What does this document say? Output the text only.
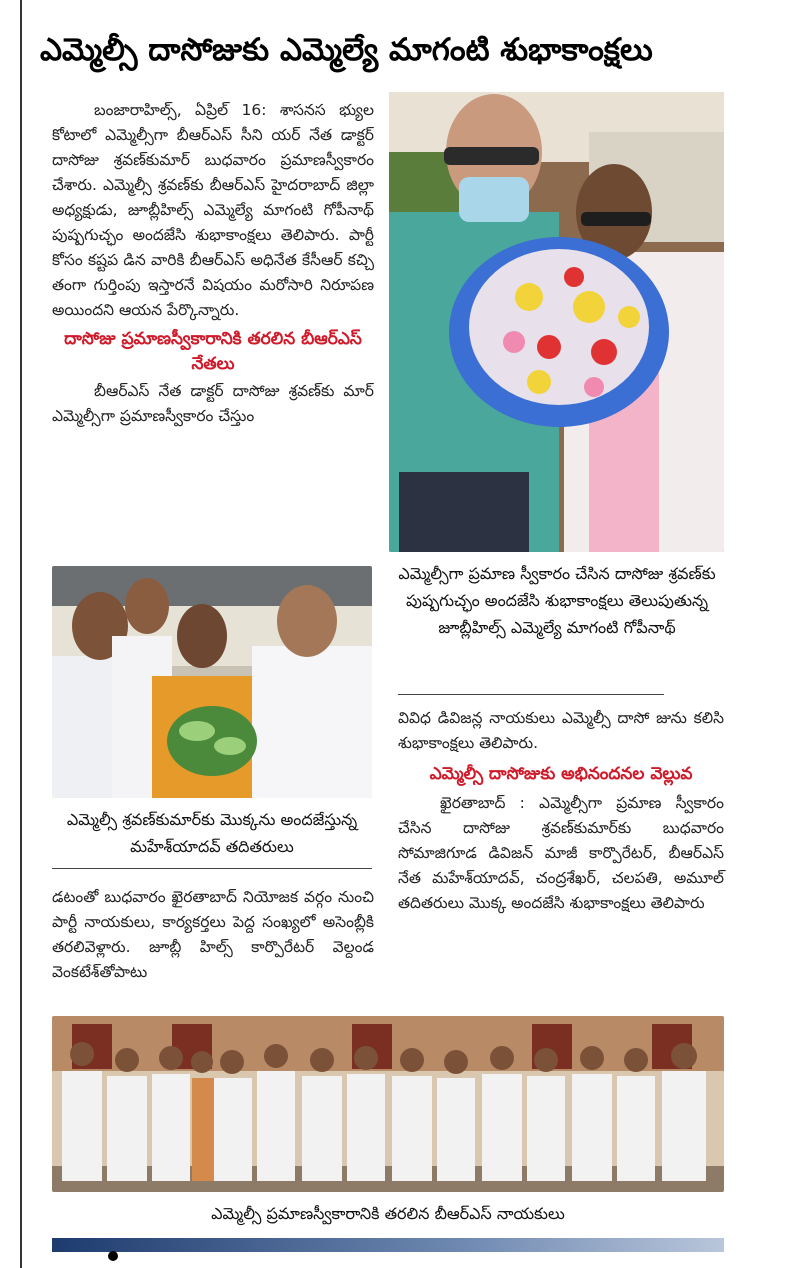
ఎమ్మెల్సీ దాసోజుకు ఎమ్మెల్యే మాగంటి శుభాకాంక్షలు

బంజారాహిల్స్, ఏప్రిల్ 16: శాసనస భ్యుల కోటాలో ఎమ్మెల్సీగా బీఆర్ఎస్ సీని యర్ నేత డాక్టర్ దాసోజు శ్రవణ్‌కుమార్ బుధవారం ప్రమాణస్వీకారం చేశారు. ఎమ్మెల్సీ శ్రవణ్‌కు బీఆర్ఎస్ హైదరాబాద్ జిల్లా అధ్యక్షుడు, జూబ్లీహిల్స్ ఎమ్మెల్యే మాగంటి గోపీనాథ్ పుష్పగుచ్ఛం అందజేసి శుభాకాంక్షలు తెలిపారు. పార్టీ కోసం కష్టప డిన వారికి బీఆర్ఎస్ అధినేత కేసీఆర్ కచ్చి తంగా గుర్తింపు ఇస్తారనే విషయం మరోసారి నిరూపణ అయిందని ఆయన పేర్కొన్నారు.

దాసోజు ప్రమాణస్వీకారానికి తరలిన బీఆర్ఎస్ నేతలు

బీఆర్ఎస్ నేత డాక్టర్ దాసోజు శ్రవణ్‌కు మార్ ఎమ్మెల్సీగా ప్రమాణస్వీకారం చేస్తుం

ఎమ్మెల్సీగా ప్రమాణ స్వీకారం చేసిన దాసోజు శ్రవణ్‌కు పుష్పగుచ్ఛం అందజేసి శుభాకాంక్షలు తెలుపుతున్న జూబ్లీహిల్స్ ఎమ్మెల్యే మాగంటి గోపీనాథ్
ఎమ్మెల్సీ శ్రవణ్‌కుమార్‌కు మొక్కను అందజేస్తున్న మహేశ్‌యాదవ్ తదితరులు

డటంతో బుధవారం ఖైరతాబాద్ నియోజక వర్గం నుంచి పార్టీ నాయకులు, కార్యకర్తలు పెద్ద సంఖ్యలో అసెంబ్లీకి తరలివెళ్లారు. జూబ్లీ హిల్స్ కార్పొరేటర్ వెల్దండ వెంకటేశ్‌తోపాటు

వివిధ డివిజన్ల నాయకులు ఎమ్మెల్సీ దాసో జును కలిసి శుభాకాంక్షలు తెలిపారు.

ఎమ్మెల్సీ దాసోజుకు అభినందనల వెల్లువ

ఖైరతాబాద్ : ఎమ్మెల్సీగా ప్రమాణ స్వీకారం చేసిన దాసోజు శ్రవణ్‌కుమార్‌కు బుధవారం సోమాజిగూడ డివిజన్ మాజీ కార్పొరేటర్, బీఆర్ఎస్ నేత మహేశ్‌యాదవ్, చంద్రశేఖర్, చలపతి, అమూల్ తదితరులు మొక్క అందజేసి శుభాకాంక్షలు తెలిపారు

ఎమ్మెల్సీ ప్రమాణస్వీకారానికి తరలిన బీఆర్ఎస్ నాయకులు
